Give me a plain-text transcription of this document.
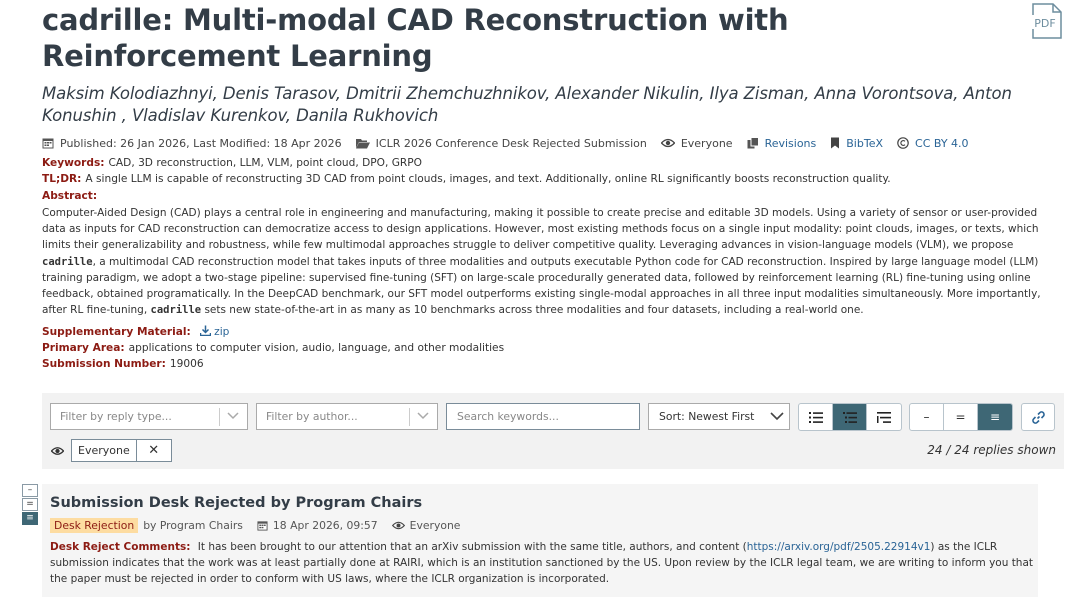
cadrille: Multi-modal CAD Reconstruction with Reinforcement Learning
PDF
Maksim Kolodiazhnyi, Denis Tarasov, Dmitrii Zhemchuzhnikov, Alexander Nikulin, Ilya Zisman, Anna Vorontsova, Anton Konushin , Vladislav Kurenkov, Danila Rukhovich
Published: 26 Jan 2026, Last Modified: 18 Apr 2026	ICLR 2026 Conference Desk Rejected Submission	Everyone	Revisions	BibTeX	CC BY 4.0
Keywords: CAD, 3D reconstruction, LLM, VLM, point cloud, DPO, GRPO
TL;DR: A single LLM is capable of reconstructing 3D CAD from point clouds, images, and text. Additionally, online RL significantly boosts reconstruction quality.
Abstract:
Computer-Aided Design (CAD) plays a central role in engineering and manufacturing, making it possible to create precise and editable 3D models. Using a variety of sensor or user-provided data as inputs for CAD reconstruction can democratize access to design applications. However, most existing methods focus on a single input modality: point clouds, images, or texts, which limits their generalizability and robustness, while few multimodal approaches struggle to deliver competitive quality. Leveraging advances in vision-language models (VLM), we propose cadrille, a multimodal CAD reconstruction model that takes inputs of three modalities and outputs executable Python code for CAD reconstruction. Inspired by large language model (LLM) training paradigm, we adopt a two-stage pipeline: supervised fine-tuning (SFT) on large-scale procedurally generated data, followed by reinforcement learning (RL) fine-tuning using online feedback, obtained programatically. In the DeepCAD benchmark, our SFT model outperforms existing single-modal approaches in all three input modalities simultaneously. More importantly, after RL fine-tuning, cadrille sets new state-of-the-art in as many as 10 benchmarks across three modalities and four datasets, including a real-world one.
Supplementary Material: zip
Primary Area: applications to computer vision, audio, language, and other modalities
Submission Number: 19006
Filter by reply type...	Filter by author...	Search keywords...	Sort: Newest First	–	=	≡
Everyone	✕	24 / 24 replies shown
–
=
≡
Submission Desk Rejected by Program Chairs
Desk Rejection by Program Chairs	18 Apr 2026, 09:57	Everyone
Desk Reject Comments: It has been brought to our attention that an arXiv submission with the same title, authors, and content (https://arxiv.org/pdf/2505.22914v1) as the ICLR submission indicates that the work was at least partially done at RAIRI, which is an institution sanctioned by the US. Upon review by the ICLR legal team, we are writing to inform you that the paper must be rejected in order to conform with US laws, where the ICLR organization is incorporated.
